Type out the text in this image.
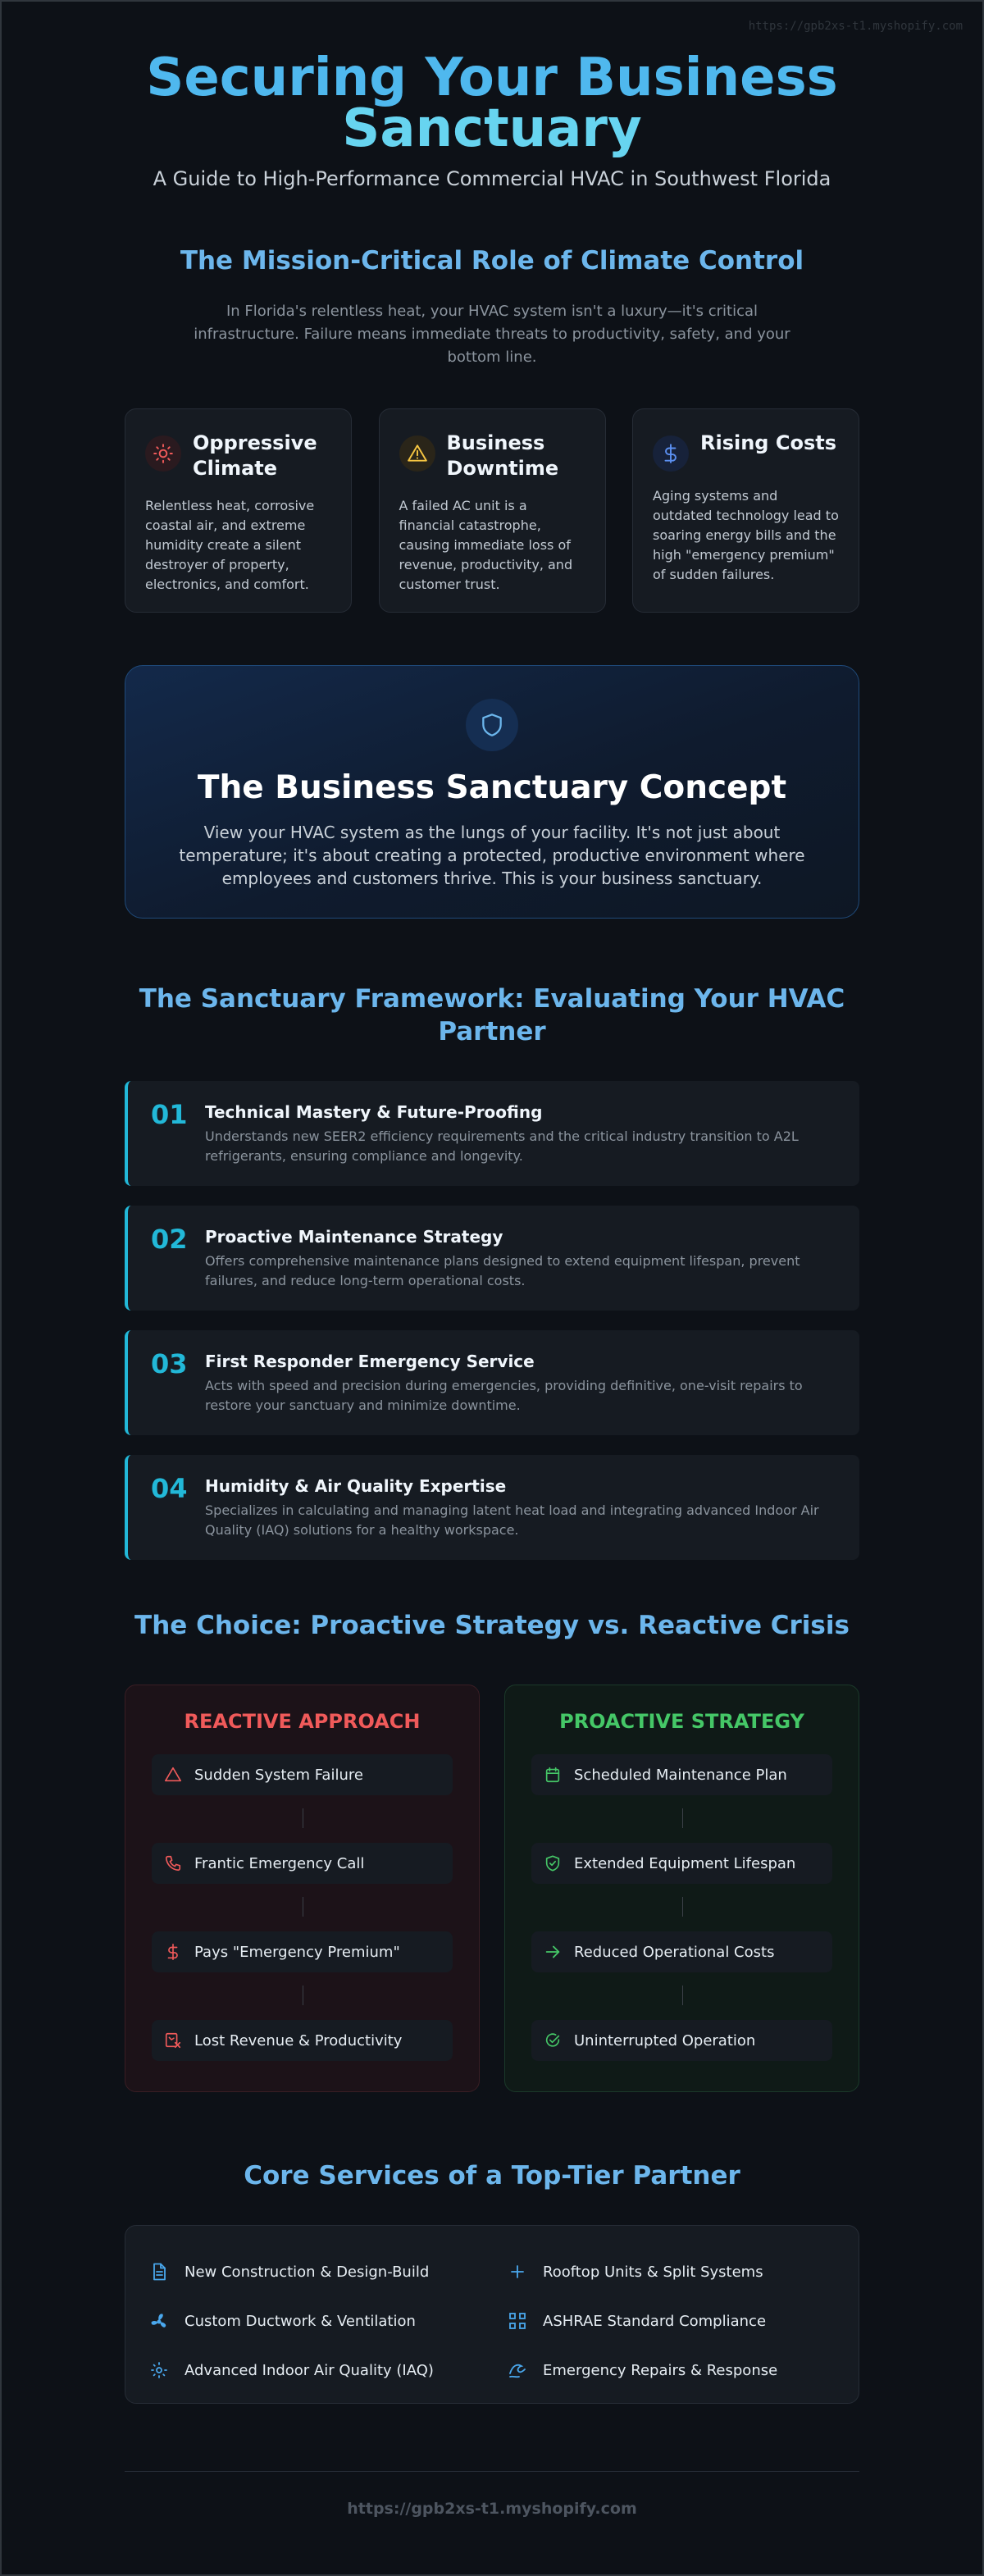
https://gpb2xs-t1.myshopify.com
Securing Your Business
Sanctuary

A Guide to High-Performance Commercial HVAC in Southwest Florida

The Mission-Critical Role of Climate Control

In Florida's relentless heat, your HVAC system isn't a luxury—it's critical infrastructure. Failure means immediate threats to productivity, safety, and your bottom line.

Oppressive Climate

Relentless heat, corrosive coastal air, and extreme humidity create a silent destroyer of property, electronics, and comfort.

Business Downtime

A failed AC unit is a financial catastrophe, causing immediate loss of revenue, productivity, and customer trust.

Rising Costs

Aging systems and outdated technology lead to soaring energy bills and the high "emergency premium" of sudden failures.

The Business Sanctuary Concept

View your HVAC system as the lungs of your facility. It's not just about temperature; it's about creating a protected, productive environment where employees and customers thrive. This is your business sanctuary.

The Sanctuary Framework: Evaluating Your HVAC Partner
01	Technical Mastery & Future-Proofing

Understands new SEER2 efficiency requirements and the critical industry transition to A2L refrigerants, ensuring compliance and longevity.

02	Proactive Maintenance Strategy

Offers comprehensive maintenance plans designed to extend equipment lifespan, prevent failures, and reduce long-term operational costs.

03	First Responder Emergency Service

Acts with speed and precision during emergencies, providing definitive, one-visit repairs to restore your sanctuary and minimize downtime.

04	Humidity & Air Quality Expertise

Specializes in calculating and managing latent heat load and integrating advanced Indoor Air Quality (IAQ) solutions for a healthy workspace.

The Choice: Proactive Strategy vs. Reactive Crisis
REACTIVE APPROACH
Sudden System Failure
Frantic Emergency Call
Pays "Emergency Premium"
Lost Revenue & Productivity
PROACTIVE STRATEGY
Scheduled Maintenance Plan
Extended Equipment Lifespan
Reduced Operational Costs
Uninterrupted Operation
Core Services of a Top-Tier Partner
New Construction & Design-Build	Rooftop Units & Split Systems
Custom Ductwork & Ventilation	ASHRAE Standard Compliance
Advanced Indoor Air Quality (IAQ)	Emergency Repairs & Response
https://gpb2xs-t1.myshopify.com
